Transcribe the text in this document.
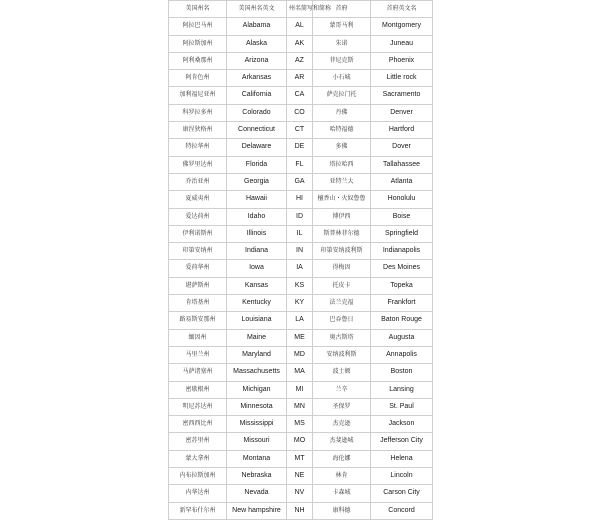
美国州名	美国州名英文	州名简写和简称	首府	首府英文名
阿拉巴马州	Alabama	AL	蒙哥马利	Montgomery
阿拉斯加州	Alaska	AK	朱诺	Juneau
阿利桑那州	Arizona	AZ	菲尼克斯	Phoenix
阿肯色州	Arkansas	AR	小石城	Little rock
加利福尼亚州	California	CA	萨克拉门托	Sacramento
科罗拉多州	Colorado	CO	丹佛	Denver
康涅狄格州	Connecticut	CT	哈特福德	Hartford
特拉华州	Delaware	DE	多佛	Dover
佛罗里达州	Florida	FL	塔拉哈西	Tallahassee
乔治亚州	Georgia	GA	亚特兰大	Atlanta
夏威夷州	Hawaii	HI	檀香山・火奴鲁鲁	Honolulu
爱达荷州	Idaho	ID	博伊西	Boise
伊利诺斯州	Illinois	IL	斯普林菲尔德	Springfield
印第安纳州	Indiana	IN	印第安纳波利斯	Indianapolis
爱荷华州	Iowa	IA	得梅因	Des Moines
堪萨斯州	Kansas	KS	托皮卡	Topeka
肯塔基州	Kentucky	KY	法兰克福	Frankfort
路易斯安那州	Louisiana	LA	巴吞鲁日	Baton Rouge
缅因州	Maine	ME	奥古斯塔	Augusta
马里兰州	Maryland	MD	安纳波利斯	Annapolis
马萨诸塞州	Massachusetts	MA	波士顿	Boston
密歇根州	Michigan	MI	兰辛	Lansing
明尼苏达州	Minnesota	MN	圣保罗	St. Paul
密西西比州	Mississippi	MS	杰克逊	Jackson
密苏里州	Missouri	MO	杰斐逊城	Jefferson City
蒙大拿州	Montana	MT	海伦娜	Helena
内布拉斯加州	Nebraska	NE	林肯	Lincoln
内华达州	Nevada	NV	卡森城	Carson City
新罕布什尔州	New hampshire	NH	康科德	Concord
